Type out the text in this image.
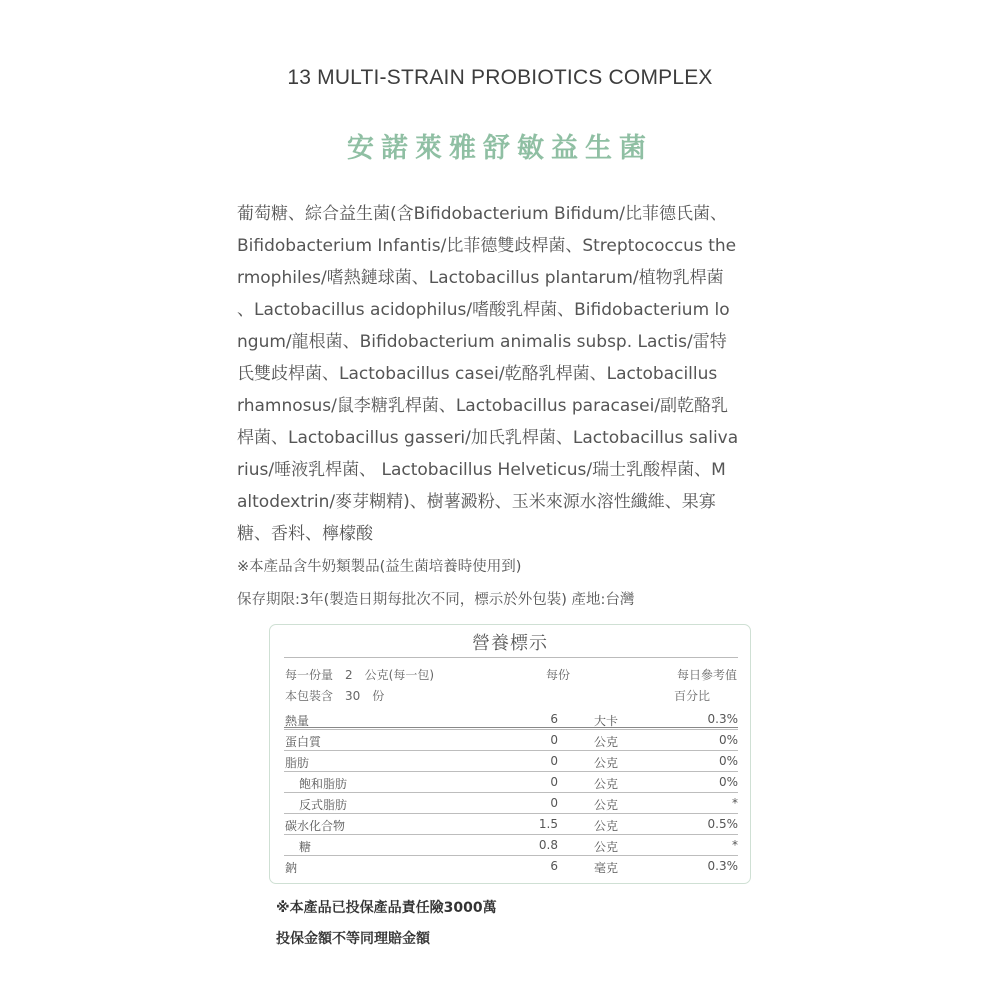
13 MULTI-STRAIN PROBIOTICS COMPLEX
安諾萊雅舒敏益生菌
葡萄糖、綜合益生菌(含Bifidobacterium Bifidum/比菲德氏菌、
Bifidobacterium Infantis/比菲德雙歧桿菌、Streptococcus the
rmophiles/嗜熱鏈球菌、Lactobacillus plantarum/植物乳桿菌
、Lactobacillus acidophilus/嗜酸乳桿菌、Bifidobacterium lo
ngum/龍根菌、Bifidobacterium animalis subsp. Lactis/雷特
氏雙歧桿菌、Lactobacillus casei/乾酪乳桿菌、Lactobacillus
rhamnosus/鼠李糖乳桿菌、Lactobacillus paracasei/副乾酪乳
桿菌、Lactobacillus gasseri/加氏乳桿菌、Lactobacillus saliva
rius/唾液乳桿菌、 Lactobacillus Helveticus/瑞士乳酸桿菌、M
altodextrin/麥芽糊精)、樹薯澱粉、玉米來源水溶性纖維、果寡
糖、香料、檸檬酸
※本產品含牛奶類製品(益生菌培養時使用到)
保存期限:3年(製造日期每批次不同，標示於外包裝) 產地:台灣
營養標示
每一份量　2　公克(每一包)
本包裝含　30　份
每份	每日參考值
百分比
熱量	6	大卡	0.3%
蛋白質	0	公克	0%
脂肪	0	公克	0%
飽和脂肪	0	公克	0%
反式脂肪	0	公克	*
碳水化合物	1.5	公克	0.5%
糖	0.8	公克	*
鈉	6	毫克	0.3%
※本產品已投保產品責任險3000萬
投保金額不等同理賠金額
